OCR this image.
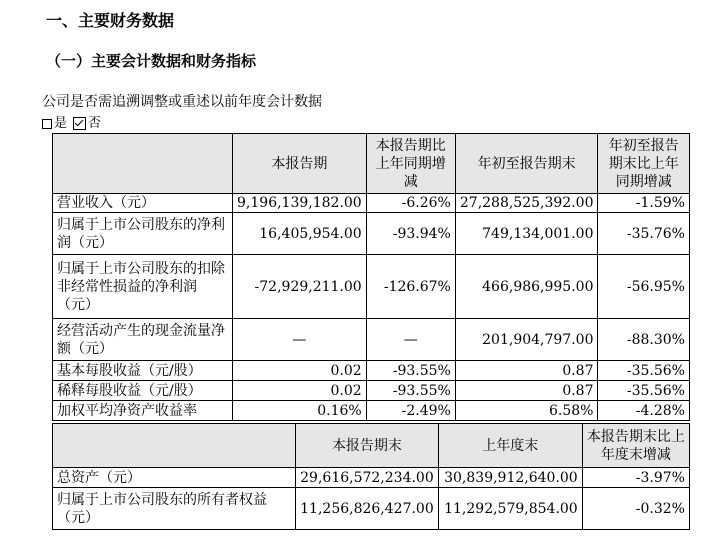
一、主要财务数据
（一）主要会计数据和财务指标
公司是否需追溯调整或重述以前年度会计数据
是 否
	本报告期	本报告期比上年同期增减	年初至报告期末	年初至报告期末比上年同期增减
营业收入（元）	9,196,139,182.00	-6.26%	27,288,525,392.00	-1.59%
归属于上市公司股东的净利润（元）	16,405,954.00	-93.94%	749,134,001.00	-35.76%
归属于上市公司股东的扣除非经常性损益的净利润（元）	-72,929,211.00	-126.67%	466,986,995.00	-56.95%
经营活动产生的现金流量净额（元）	—	—	201,904,797.00	-88.30%
基本每股收益（元/股）	0.02	-93.55%	0.87	-35.56%
稀释每股收益（元/股）	0.02	-93.55%	0.87	-35.56%
加权平均净资产收益率	0.16%	-2.49%	6.58%	-4.28%
	本报告期末	上年度末	本报告期末比上年度末增减
总资产（元）	29,616,572,234.00	30,839,912,640.00	-3.97%
归属于上市公司股东的所有者权益（元）	11,256,826,427.00	11,292,579,854.00	-0.32%
